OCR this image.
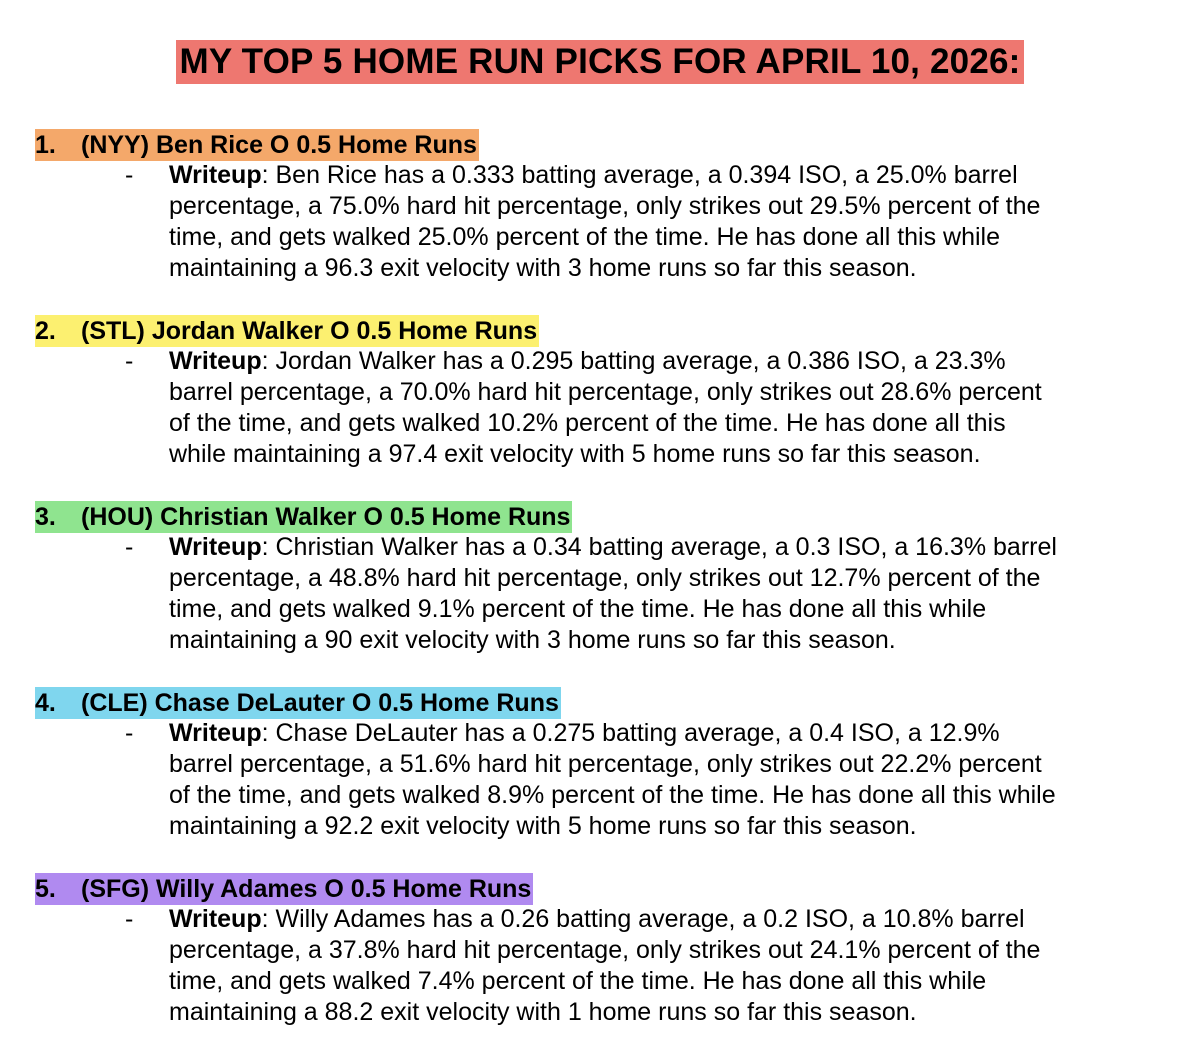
MY TOP 5 HOME RUN PICKS FOR APRIL 10, 2026:
1. (NYY) Ben Rice O 0.5 Home Runs
- Writeup: Ben Rice has a 0.333 batting average, a 0.394 ISO, a 25.0% barrel
percentage, a 75.0% hard hit percentage, only strikes out 29.5% percent of the
time, and gets walked 25.0% percent of the time. He has done all this while
maintaining a 96.3 exit velocity with 3 home runs so far this season.
2. (STL) Jordan Walker O 0.5 Home Runs
- Writeup: Jordan Walker has a 0.295 batting average, a 0.386 ISO, a 23.3%
barrel percentage, a 70.0% hard hit percentage, only strikes out 28.6% percent
of the time, and gets walked 10.2% percent of the time. He has done all this
while maintaining a 97.4 exit velocity with 5 home runs so far this season.
3. (HOU) Christian Walker O 0.5 Home Runs
- Writeup: Christian Walker has a 0.34 batting average, a 0.3 ISO, a 16.3% barrel
percentage, a 48.8% hard hit percentage, only strikes out 12.7% percent of the
time, and gets walked 9.1% percent of the time. He has done all this while
maintaining a 90 exit velocity with 3 home runs so far this season.
4. (CLE) Chase DeLauter O 0.5 Home Runs
- Writeup: Chase DeLauter has a 0.275 batting average, a 0.4 ISO, a 12.9%
barrel percentage, a 51.6% hard hit percentage, only strikes out 22.2% percent
of the time, and gets walked 8.9% percent of the time. He has done all this while
maintaining a 92.2 exit velocity with 5 home runs so far this season.
5. (SFG) Willy Adames O 0.5 Home Runs
- Writeup: Willy Adames has a 0.26 batting average, a 0.2 ISO, a 10.8% barrel
percentage, a 37.8% hard hit percentage, only strikes out 24.1% percent of the
time, and gets walked 7.4% percent of the time. He has done all this while
maintaining a 88.2 exit velocity with 1 home runs so far this season.
